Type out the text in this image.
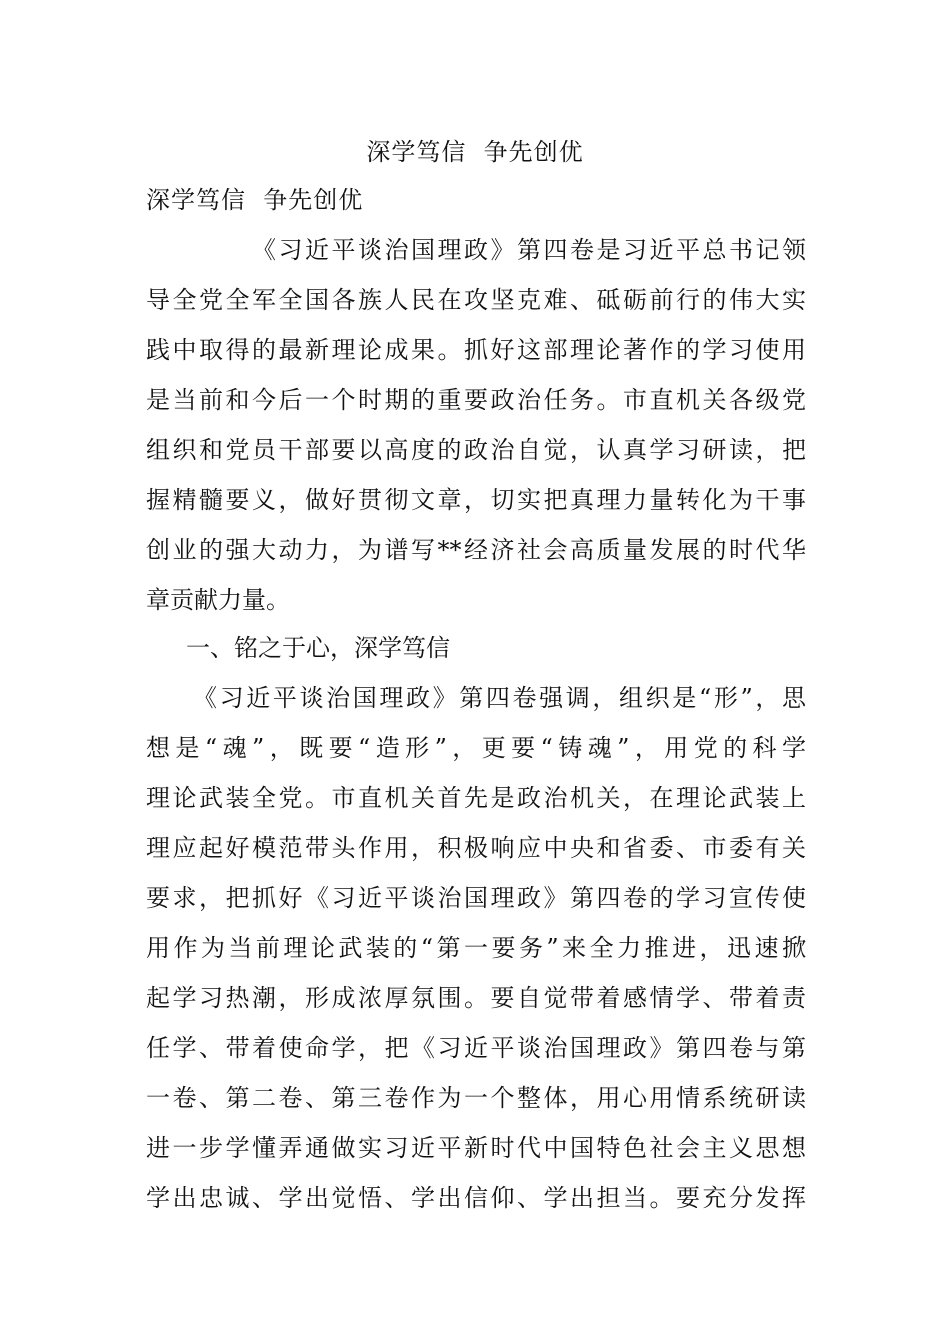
深学笃信  争先创优
深学笃信  争先创优
《习近平谈治国理政》第四卷是习近平总书记领
导全党全军全国各族人民在攻坚克难、砥砺前行的伟大实
践中取得的最新理论成果。抓好这部理论著作的学习使用
是当前和今后一个时期的重要政治任务。市直机关各级党
组织和党员干部要以高度的政治自觉，认真学习研读，把
握精髓要义，做好贯彻文章，切实把真理力量转化为干事
创业的强大动力，为谱写**经济社会高质量发展的时代华
章贡献力量。
一、铭之于心，深学笃信
《习近平谈治国理政》第四卷强调，组织是“形”，思
想是“魂”，既要“造形”，更要“铸魂”，用党的科学
理论武装全党。市直机关首先是政治机关，在理论武装上
理应起好模范带头作用，积极响应中央和省委、市委有关
要求，把抓好《习近平谈治国理政》第四卷的学习宣传使
用作为当前理论武装的“第一要务”来全力推进，迅速掀
起学习热潮，形成浓厚氛围。要自觉带着感情学、带着责
任学、带着使命学，把《习近平谈治国理政》第四卷与第
一卷、第二卷、第三卷作为一个整体，用心用情系统研读
进一步学懂弄通做实习近平新时代中国特色社会主义思想
学出忠诚、学出觉悟、学出信仰、学出担当。要充分发挥
